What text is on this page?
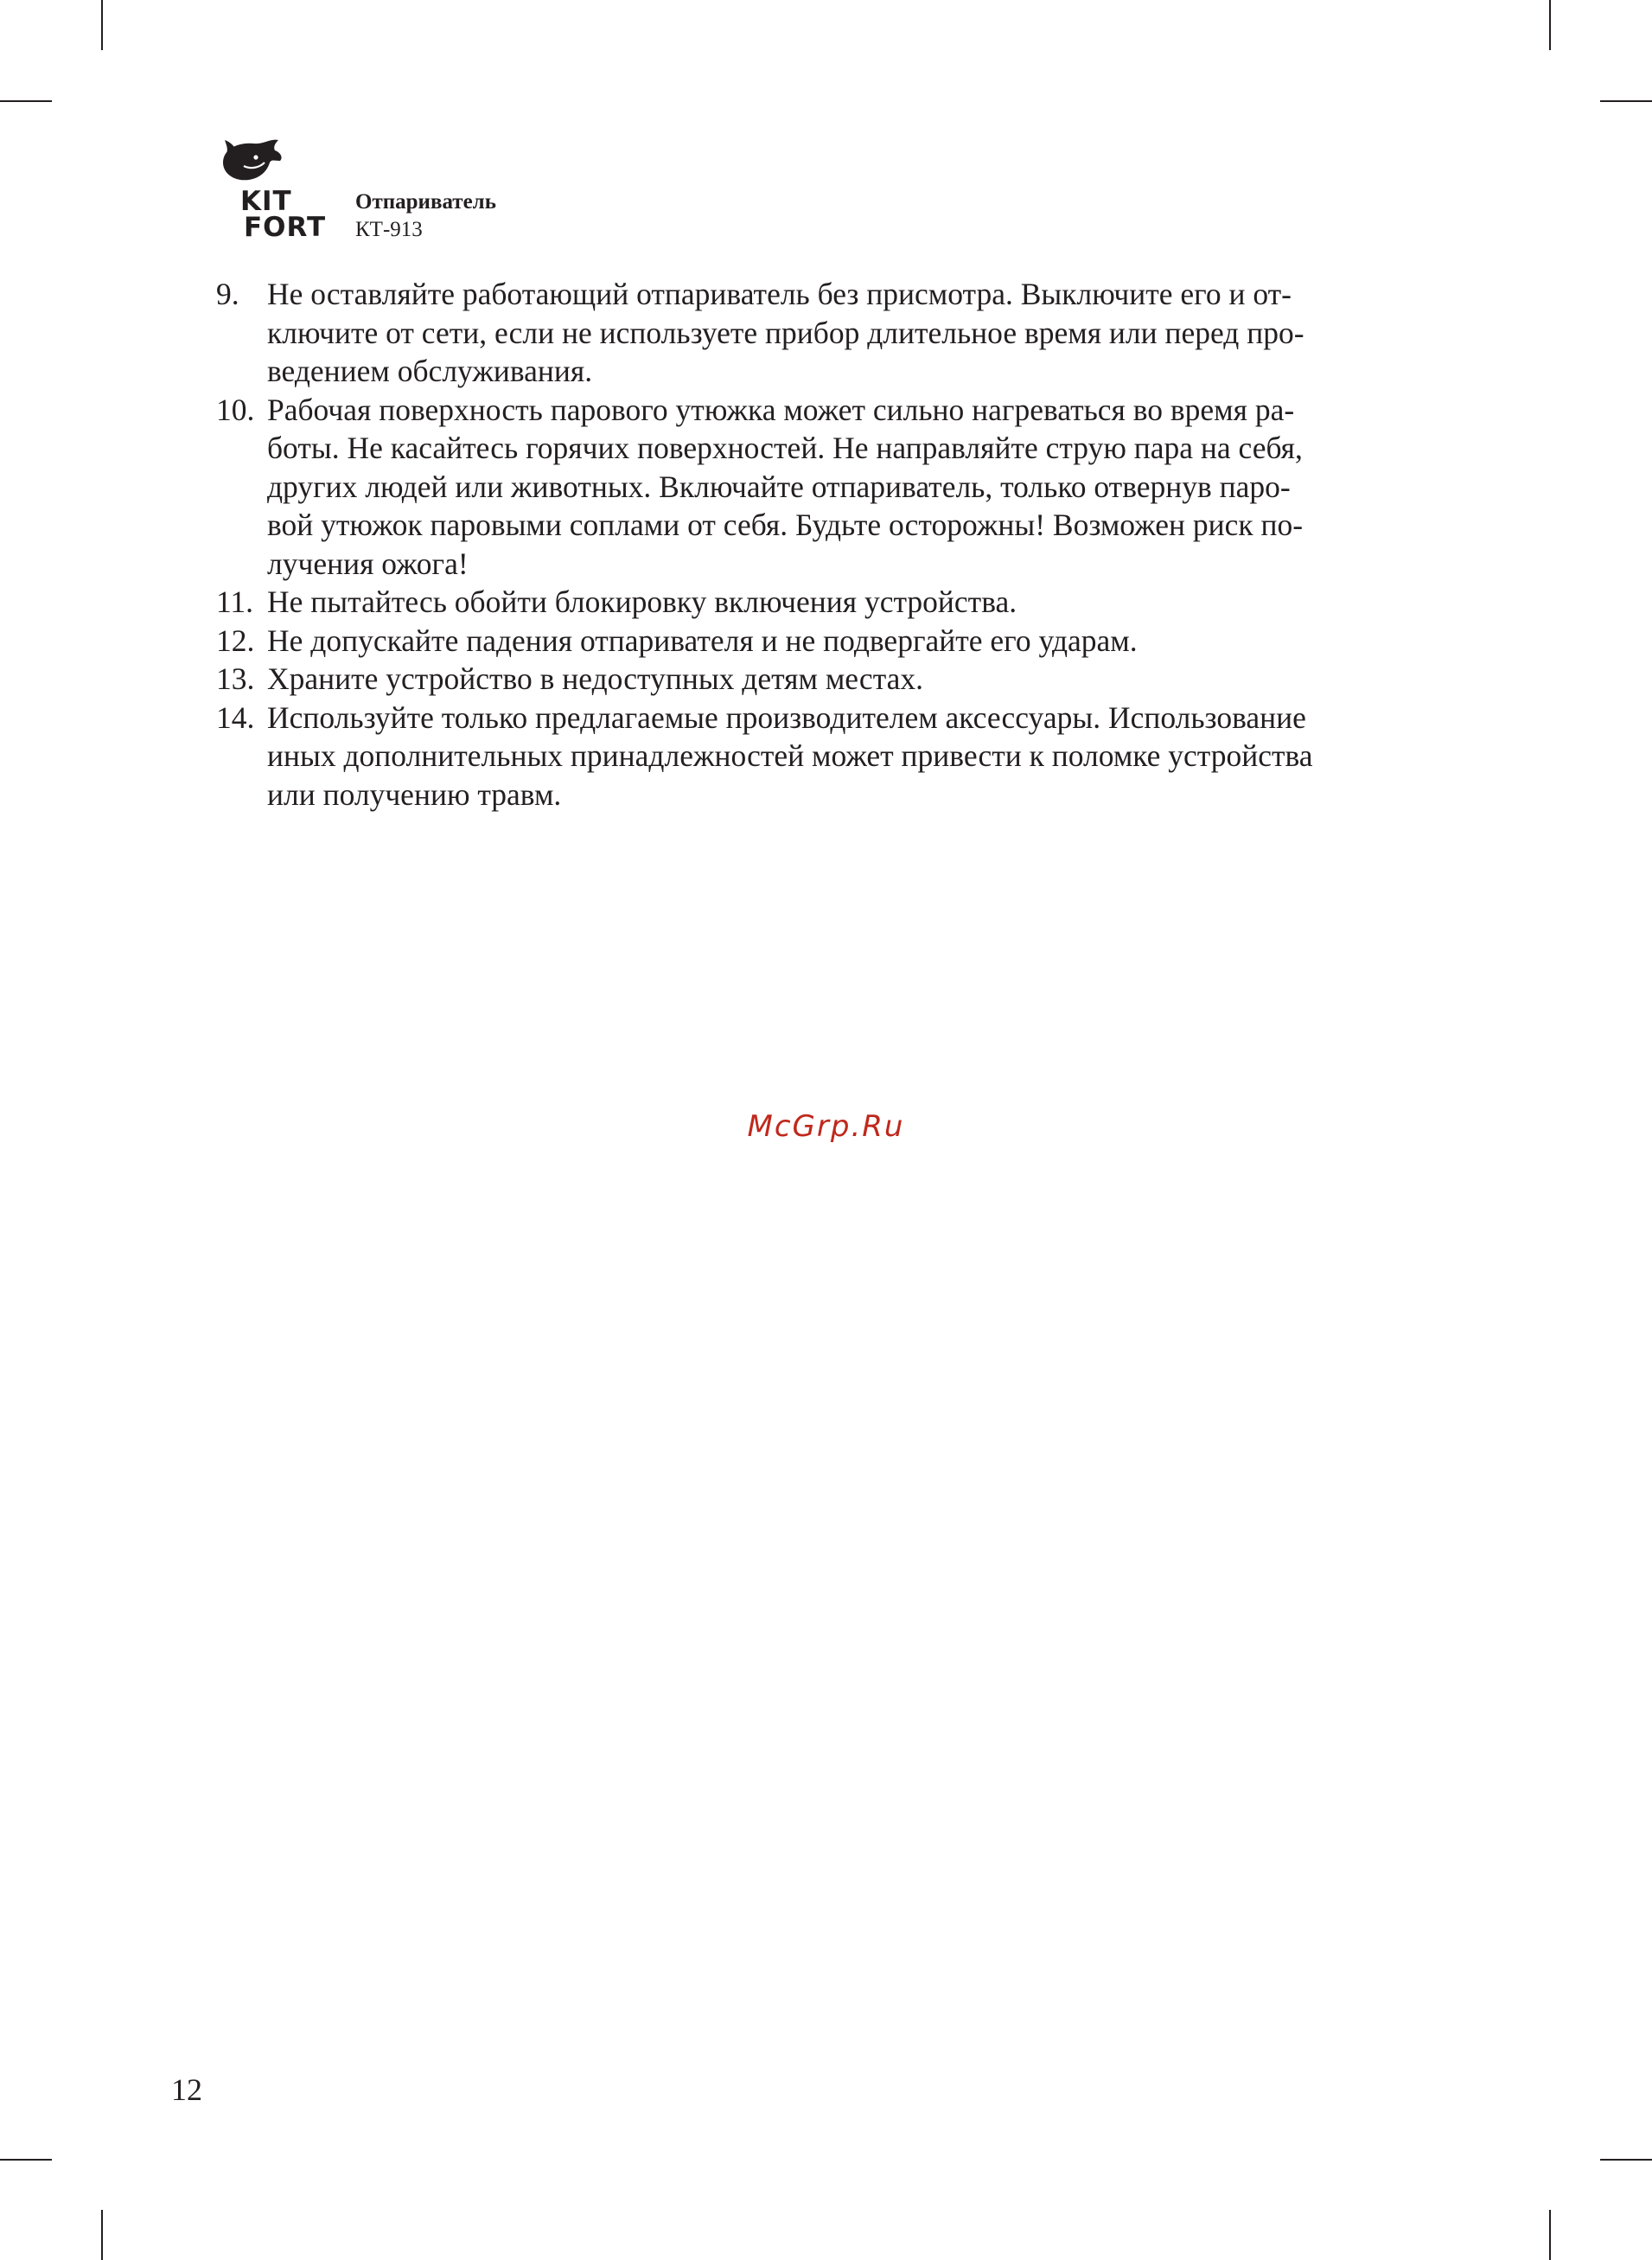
KIT
FORT
Отпариватель
КТ-913
9. Не оставляйте работающий отпариватель без присмотра. Выключите его и от-
ключите от сети, если не используете прибор длительное время или перед про-
ведением обслуживания.
10. Рабочая поверхность парового утюжка может сильно нагреваться во время ра-
боты. Не касайтесь горячих поверхностей. Не направляйте струю пара на себя,
других людей или животных. Включайте отпариватель, только отвернув паро-
вой утюжок паровыми соплами от себя. Будьте осторожны! Возможен риск по-
лучения ожога!
11. Не пытайтесь обойти блокировку включения устройства.
12. Не допускайте падения отпаривателя и не подвергайте его ударам.
13. Храните устройство в недоступных детям местах.
14. Используйте только предлагаемые производителем аксессуары. Использование
иных дополнительных принадлежностей может привести к поломке устройства
или получению травм.
McGrp.Ru
12
